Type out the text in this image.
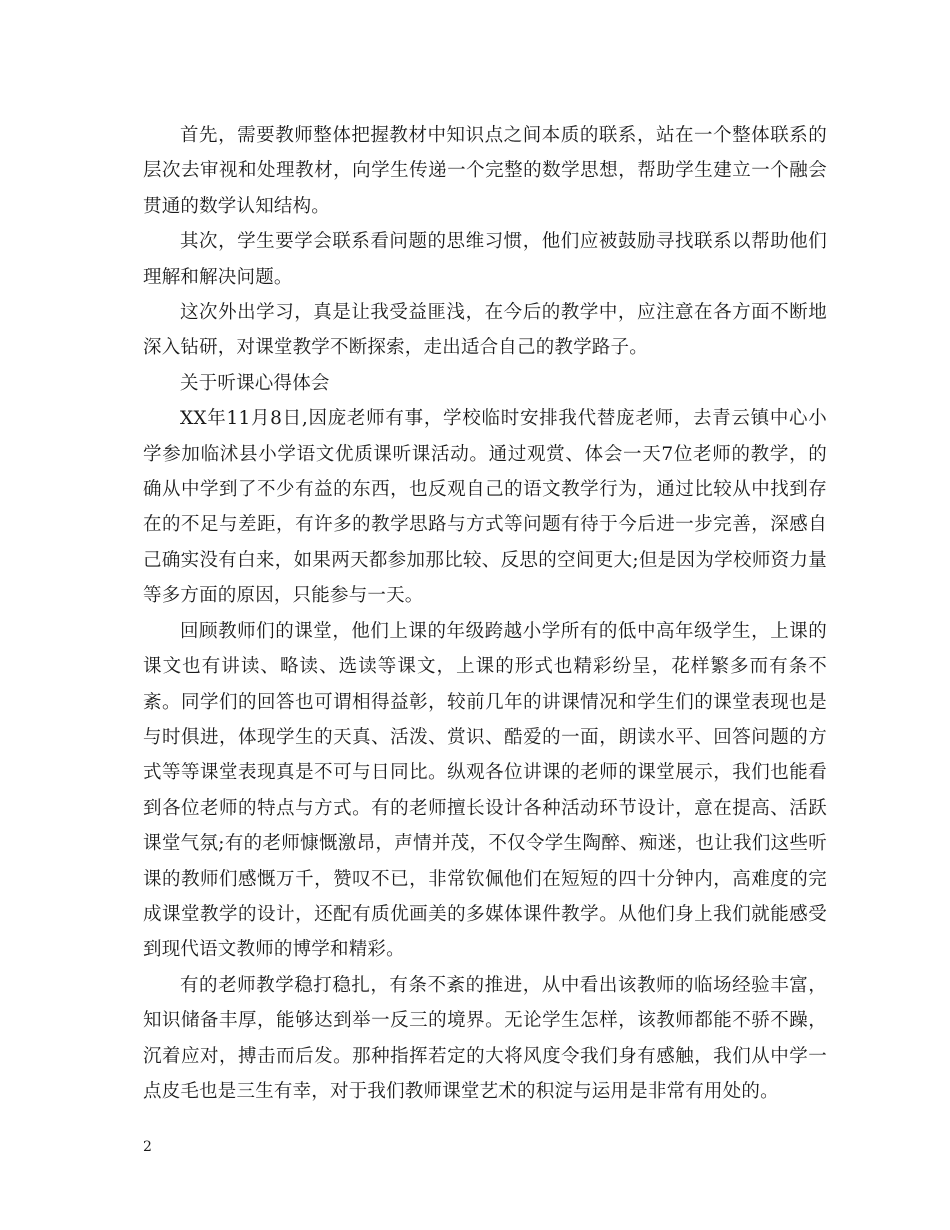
首先，需要教师整体把握教材中知识点之间本质的联系，站在一个整体联系的层次去审视和处理教材，向学生传递一个完整的数学思想，帮助学生建立一个融会贯通的数学认知结构。

其次，学生要学会联系看问题的思维习惯，他们应被鼓励寻找联系以帮助他们理解和解决问题。

这次外出学习，真是让我受益匪浅，在今后的教学中，应注意在各方面不断地深入钻研，对课堂教学不断探索，走出适合自己的教学路子。

关于听课心得体会

XX年11月8日,因庞老师有事，学校临时安排我代替庞老师，去青云镇中心小学参加临沭县小学语文优质课听课活动。通过观赏、体会一天7位老师的教学，的确从中学到了不少有益的东西，也反观自己的语文教学行为，通过比较从中找到存在的不足与差距，有许多的教学思路与方式等问题有待于今后进一步完善，深感自己确实没有白来，如果两天都参加那比较、反思的空间更大;但是因为学校师资力量等多方面的原因，只能参与一天。

回顾教师们的课堂，他们上课的年级跨越小学所有的低中高年级学生，上课的课文也有讲读、略读、选读等课文，上课的形式也精彩纷呈，花样繁多而有条不紊。同学们的回答也可谓相得益彰，较前几年的讲课情况和学生们的课堂表现也是与时俱进，体现学生的天真、活泼、赏识、酷爱的一面，朗读水平、回答问题的方式等等课堂表现真是不可与日同比。纵观各位讲课的老师的课堂展示，我们也能看到各位老师的特点与方式。有的老师擅长设计各种活动环节设计，意在提高、活跃课堂气氛;有的老师慷慨激昂，声情并茂，不仅令学生陶醉、痴迷，也让我们这些听课的教师们感慨万千，赞叹不已，非常钦佩他们在短短的四十分钟内，高难度的完成课堂教学的设计，还配有质优画美的多媒体课件教学。从他们身上我们就能感受到现代语文教师的博学和精彩。

有的老师教学稳打稳扎，有条不紊的推进，从中看出该教师的临场经验丰富，知识储备丰厚，能够达到举一反三的境界。无论学生怎样，该教师都能不骄不躁，沉着应对，搏击而后发。那种指挥若定的大将风度令我们身有感触，我们从中学一点皮毛也是三生有幸，对于我们教师课堂艺术的积淀与运用是非常有用处的。

2
